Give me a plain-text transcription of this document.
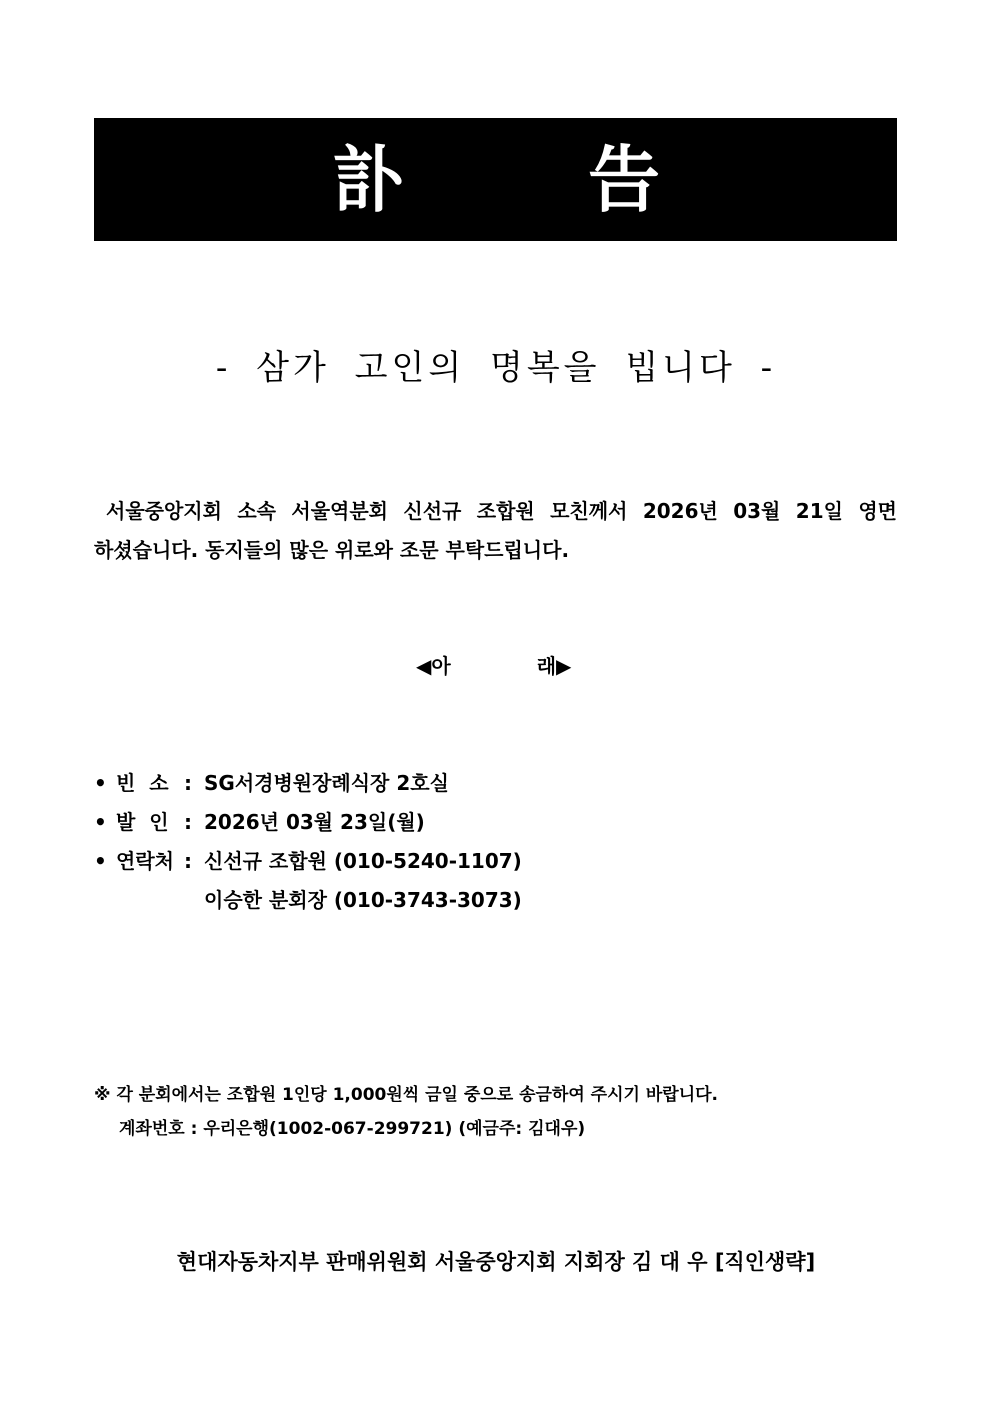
訃	告
- 삼가 고인의 명복을 빕니다 -
서울중앙지회 소속 서울역분회 신선규 조합원 모친께서 2026년 03월 21일 영면
하셨습니다. 동지들의 많은 위로와 조문 부탁드립니다.
◀아	래▶
• 빈  소 : SG서경병원장례식장 2호실
• 발  인 : 2026년 03월 23일(월)
• 연락처 : 신선규 조합원 (010-5240-1107)
이승한 분회장 (010-3743-3073)
※ 각 분회에서는 조합원 1인당 1,000원씩 금일 중으로 송금하여 주시기 바랍니다.
계좌번호 : 우리은행(1002-067-299721) (예금주: 김대우)
현대자동차지부 판매위원회 서울중앙지회 지회장 김 대 우 [직인생략]
